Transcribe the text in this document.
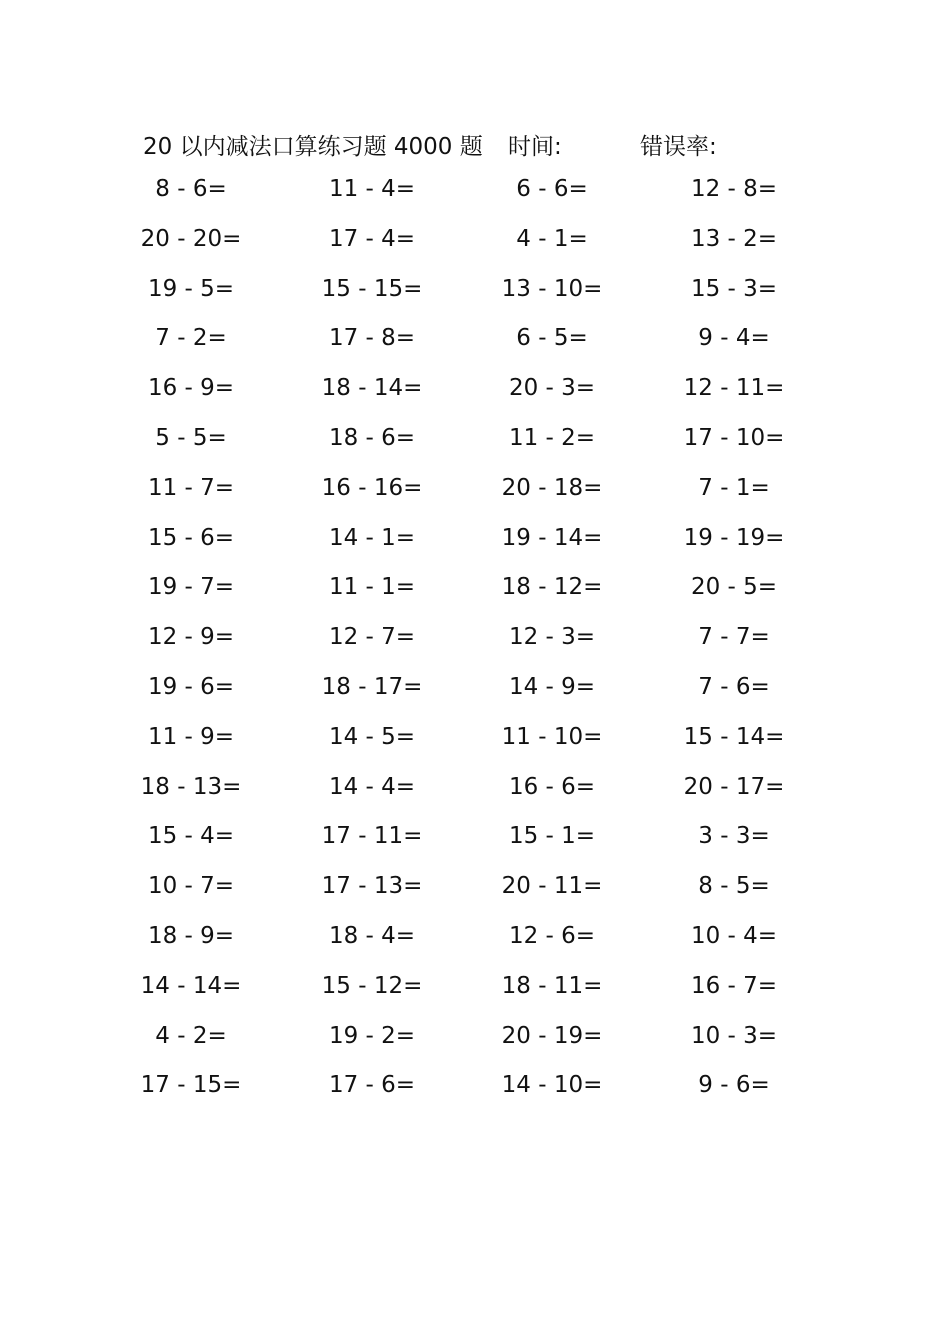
20 以内减法口算练习题 4000 题 时间:	错误率:
8 - 6=	11 - 4=	6 - 6=	12 - 8=
20 - 20=	17 - 4=	4 - 1=	13 - 2=
19 - 5=	15 - 15=	13 - 10=	15 - 3=
7 - 2=	17 - 8=	6 - 5=	9 - 4=
16 - 9=	18 - 14=	20 - 3=	12 - 11=
5 - 5=	18 - 6=	11 - 2=	17 - 10=
11 - 7=	16 - 16=	20 - 18=	7 - 1=
15 - 6=	14 - 1=	19 - 14=	19 - 19=
19 - 7=	11 - 1=	18 - 12=	20 - 5=
12 - 9=	12 - 7=	12 - 3=	7 - 7=
19 - 6=	18 - 17=	14 - 9=	7 - 6=
11 - 9=	14 - 5=	11 - 10=	15 - 14=
18 - 13=	14 - 4=	16 - 6=	20 - 17=
15 - 4=	17 - 11=	15 - 1=	3 - 3=
10 - 7=	17 - 13=	20 - 11=	8 - 5=
18 - 9=	18 - 4=	12 - 6=	10 - 4=
14 - 14=	15 - 12=	18 - 11=	16 - 7=
4 - 2=	19 - 2=	20 - 19=	10 - 3=
17 - 15=	17 - 6=	14 - 10=	9 - 6=
